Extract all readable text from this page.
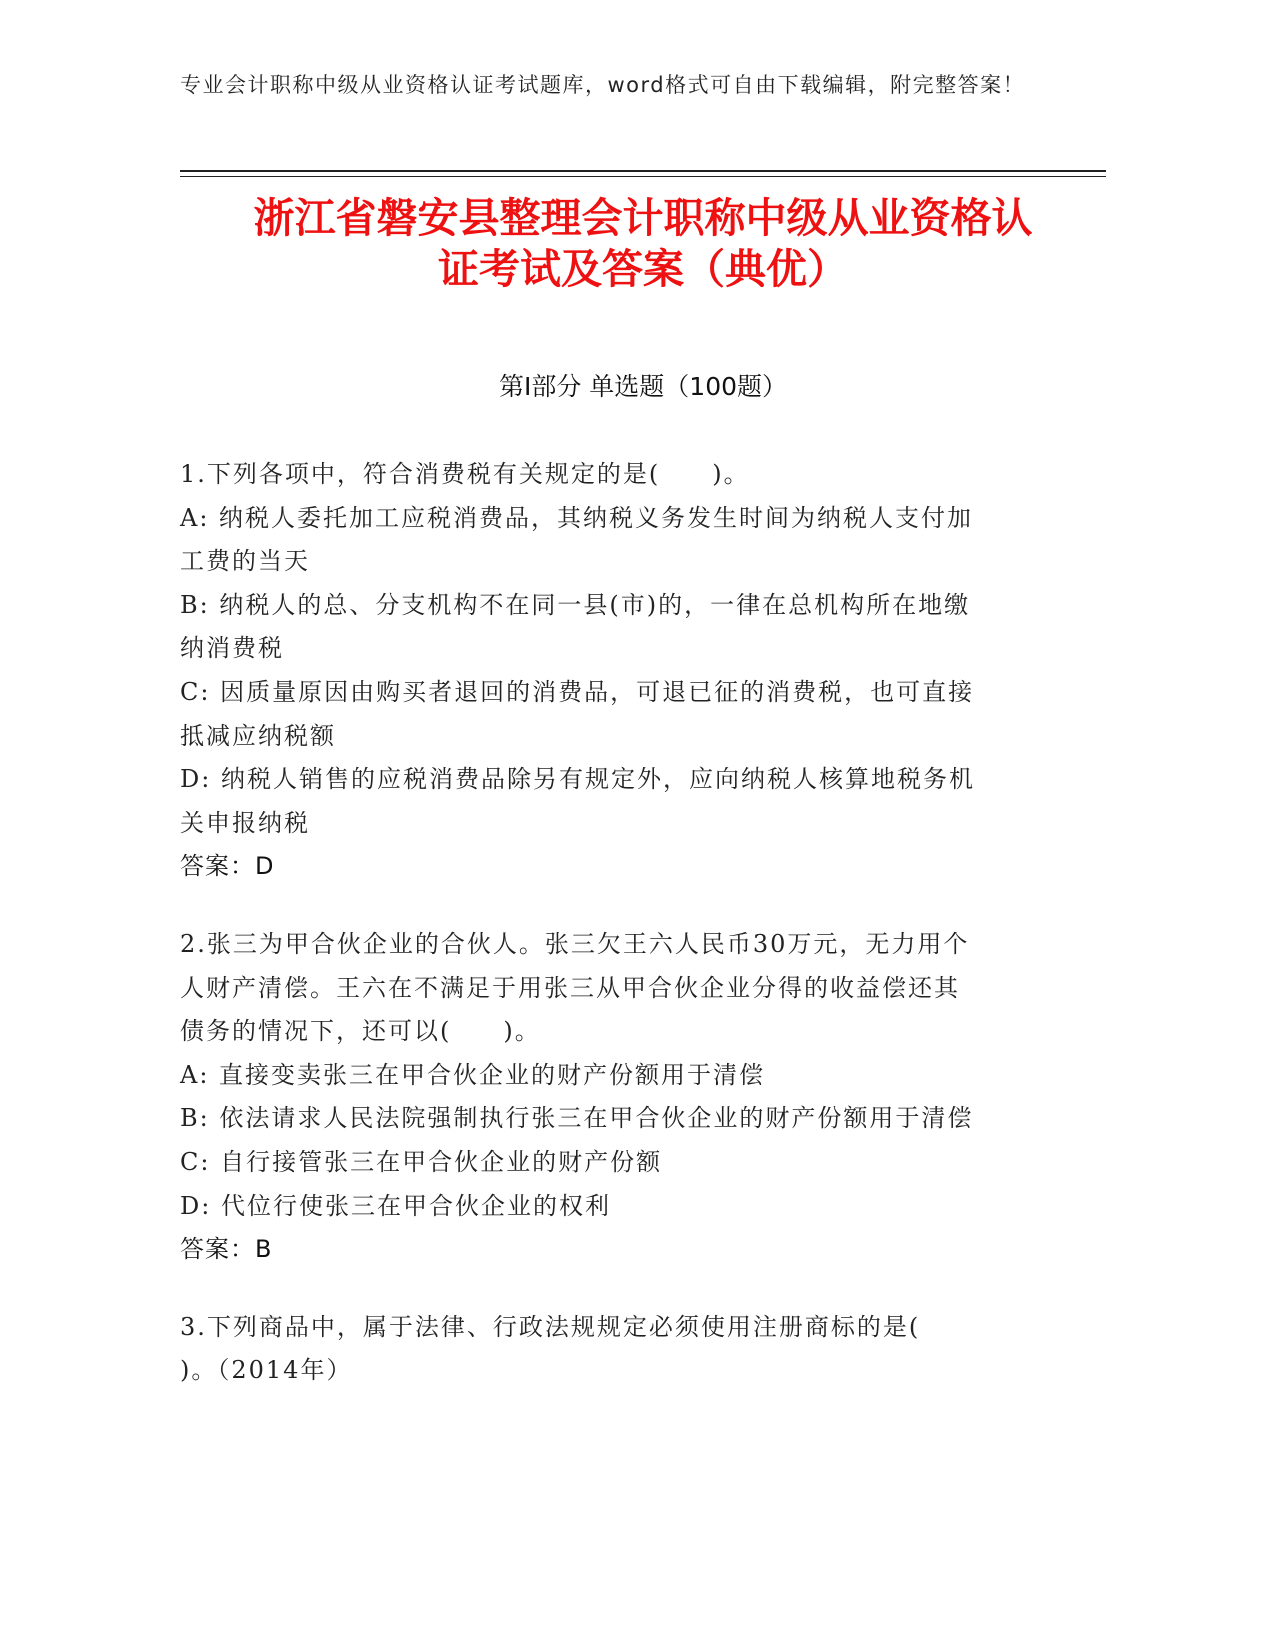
专业会计职称中级从业资格认证考试题库，word格式可自由下载编辑，附完整答案！
浙江省磐安县整理会计职称中级从业资格认
证考试及答案（典优）
第Ⅰ部分 单选题（100题）
1.下列各项中，符合消费税有关规定的是(　　)。
A: 纳税人委托加工应税消费品，其纳税义务发生时间为纳税人支付加
工费的当天
B: 纳税人的总、分支机构不在同一县(市)的，一律在总机构所在地缴
纳消费税
C: 因质量原因由购买者退回的消费品，可退已征的消费税，也可直接
抵减应纳税额
D: 纳税人销售的应税消费品除另有规定外，应向纳税人核算地税务机
关申报纳税
答案：D
2.张三为甲合伙企业的合伙人。张三欠王六人民币30万元，无力用个
人财产清偿。王六在不满足于用张三从甲合伙企业分得的收益偿还其
债务的情况下，还可以(　　)。
A: 直接变卖张三在甲合伙企业的财产份额用于清偿
B: 依法请求人民法院强制执行张三在甲合伙企业的财产份额用于清偿
C: 自行接管张三在甲合伙企业的财产份额
D: 代位行使张三在甲合伙企业的权利
答案：B
3.下列商品中，属于法律、行政法规规定必须使用注册商标的是(
)。（2014年）
